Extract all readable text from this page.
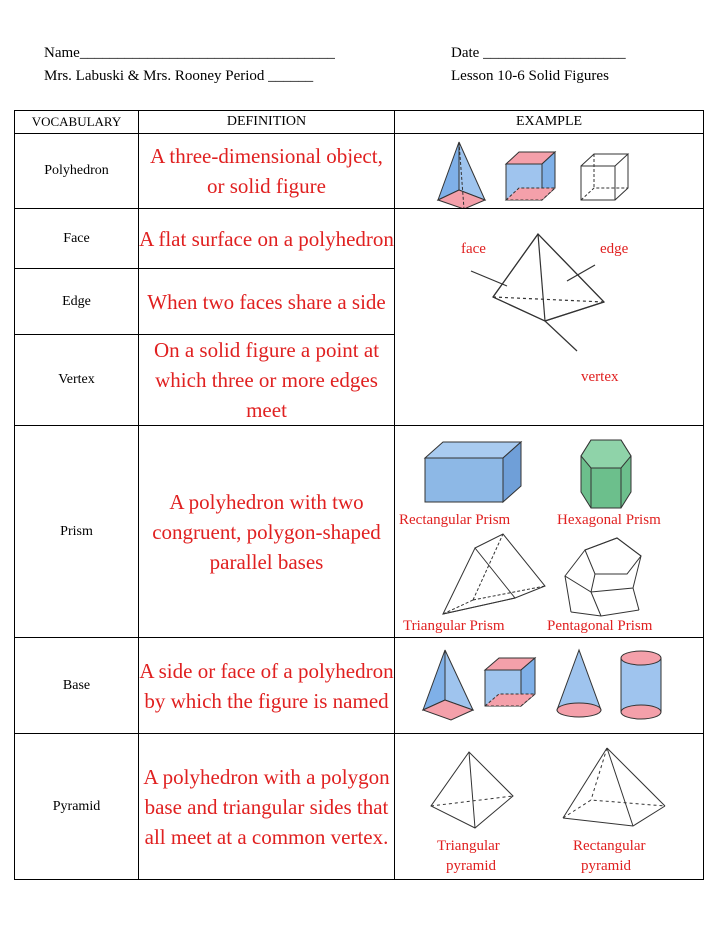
Name__________________________________	Date ___________________
Mrs. Labuski & Mrs. Rooney Period ______	Lesson 10-6 Solid Figures
VOCABULARY	DEFINITION	EXAMPLE
Polyhedron	A three-dimensional object, or solid figure	

Face	A flat surface on a polyhedron	face edge
vertex

Edge	When two faces share a side	
Vertex	On a solid figure a point at which three or more edges meet	
Prism	A polyhedron with two congruent, polygon-shaped parallel bases	Rectangular Prism Hexagonal Prism
Triangular Prism Pentagonal Prism

Base	A side or face of a polyhedron by which the figure is named	

Pyramid	A polyhedron with a polygon base and triangular sides that all meet at a common vertex.	Triangular
pyramid
Rectangular
pyramid
